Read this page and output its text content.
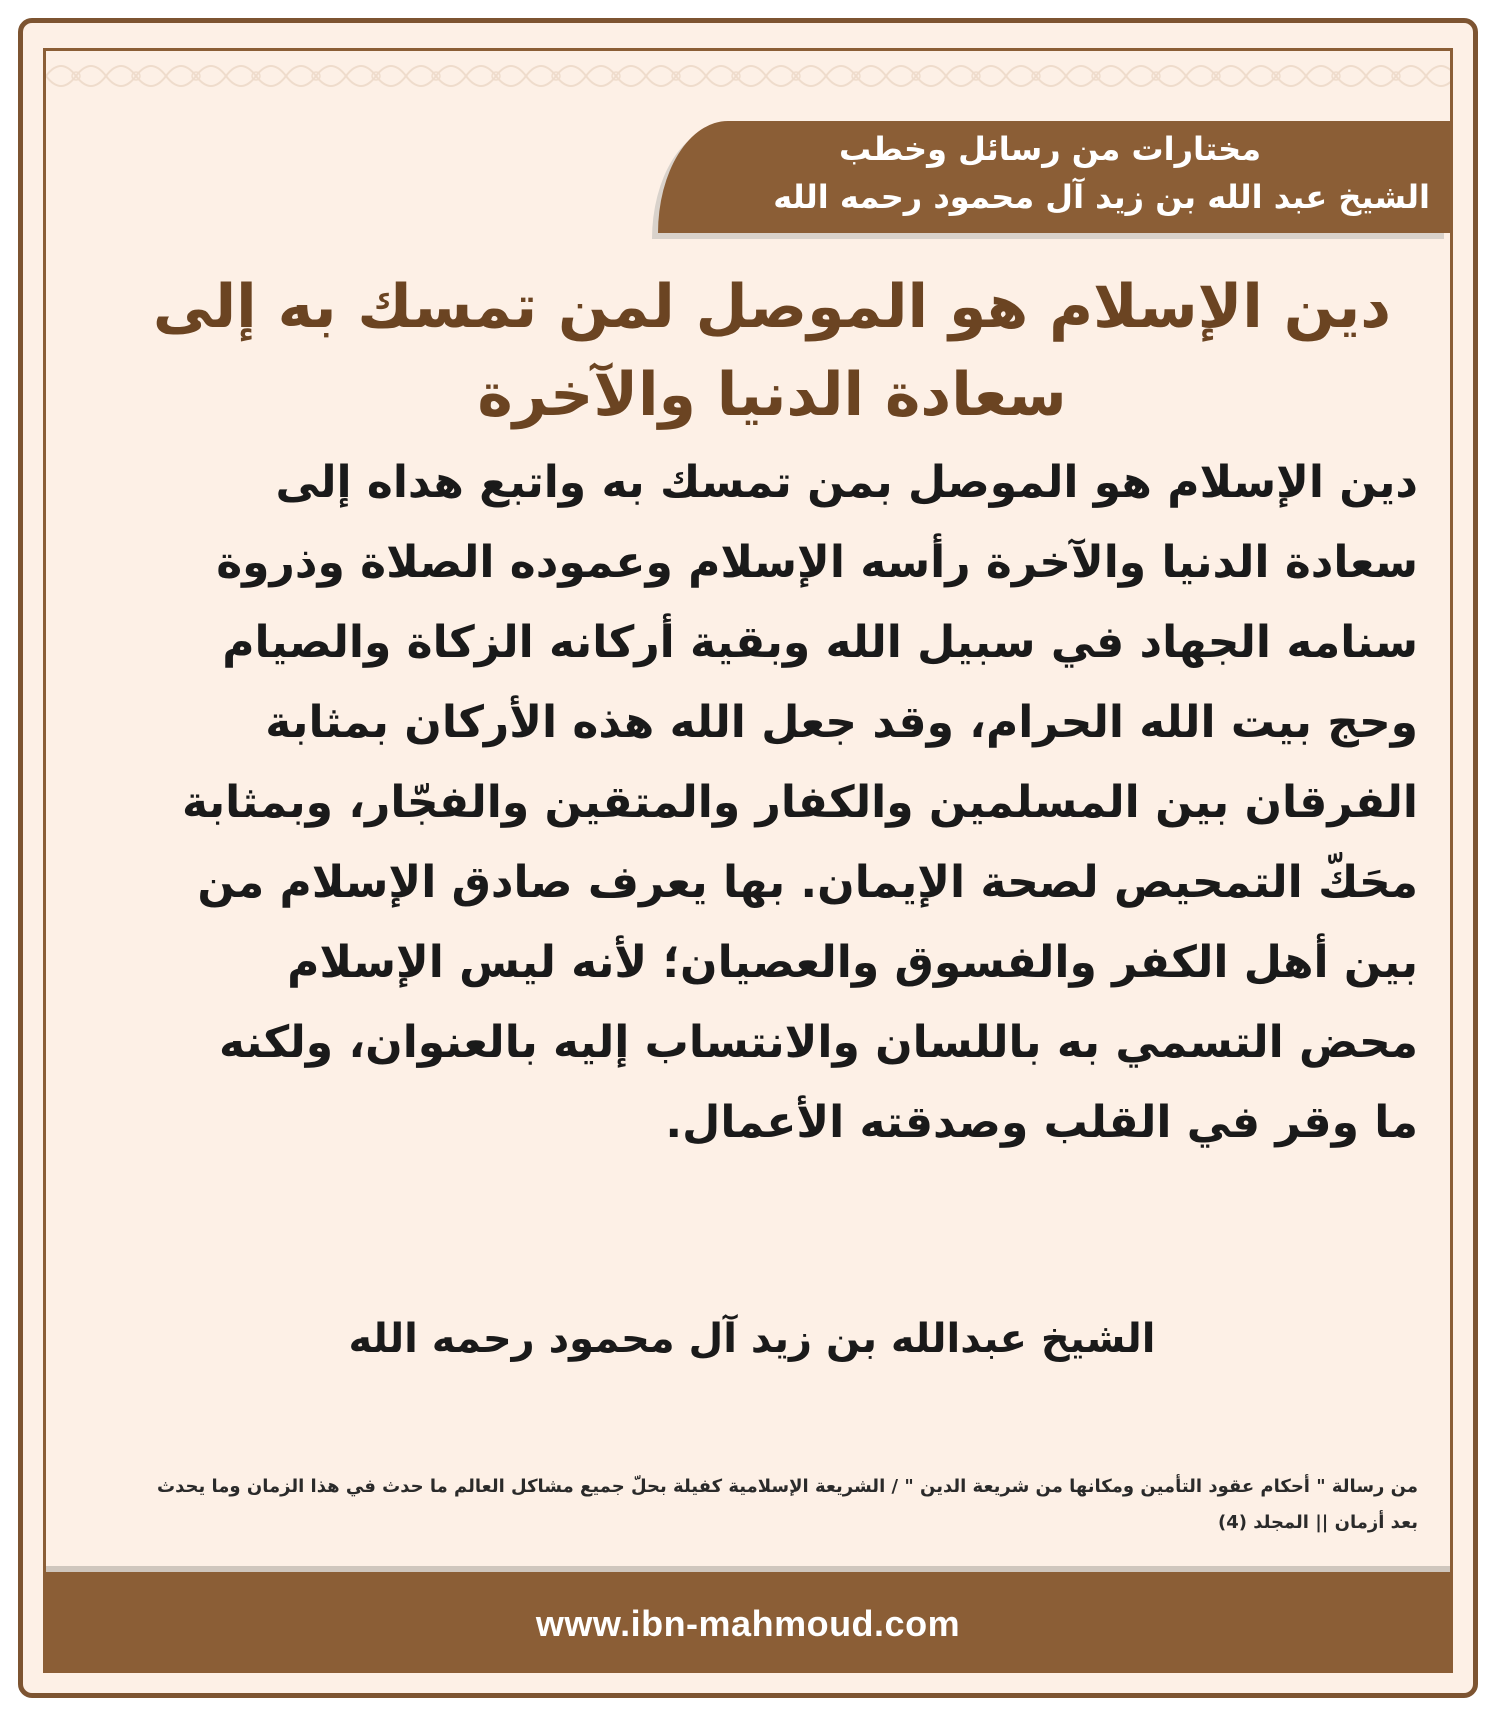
مختارات من رسائل وخطب
الشيخ عبد الله بن زيد آل محمود رحمه الله
دين الإسلام هو الموصل لمن تمسك به إلى سعادة الدنيا والآخرة
دين الإسلام هو الموصل بمن تمسك به واتبع هداه إلى سعادة الدنيا والآخرة رأسه الإسلام وعموده الصلاة وذروة سنامه الجهاد في سبيل الله وبقية أركانه الزكاة والصيام وحج بيت الله الحرام، وقد جعل الله هذه الأركان بمثابة الفرقان بين المسلمين والكفار والمتقين والفجّار، وبمثابة محَكّ التمحيص لصحة الإيمان. بها يعرف صادق الإسلام من بين أهل الكفر والفسوق والعصيان؛ لأنه ليس الإسلام محض التسمي به باللسان والانتساب إليه بالعنوان، ولكنه ما وقر في القلب وصدقته الأعمال.
الشيخ عبدالله بن زيد آل محمود رحمه الله
من رسالة " أحكام عقود التأمين ومكانها من شريعة الدين " / الشريعة الإسلامية كفيلة بحلّ جميع مشاكل العالم ما حدث في هذا الزمان وما يحدث بعد أزمان || المجلد (4)
www.ibn-mahmoud.com
